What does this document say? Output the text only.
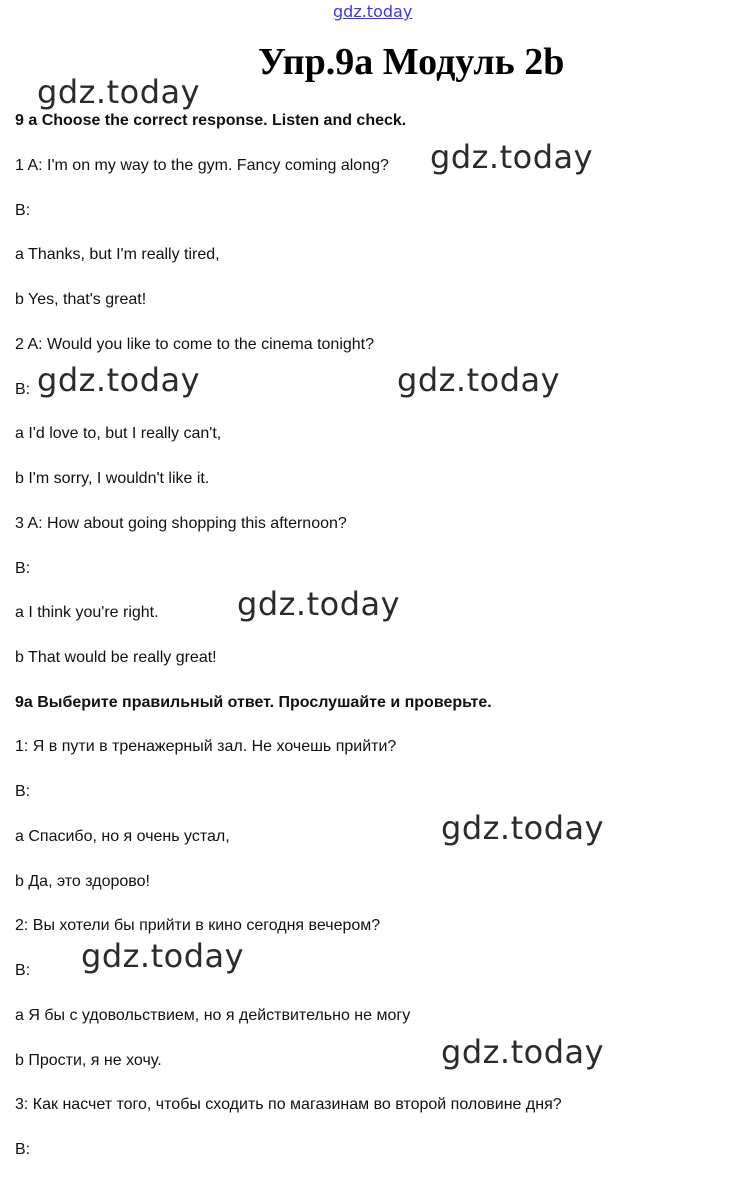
gdz.today
Упр.9a Модуль 2b
gdz.today
gdz.today
gdz.today	gdz.today
gdz.today
gdz.today
gdz.today
gdz.today
9 a Choose the correct response. Listen and check.
1 A: I'm on my way to the gym. Fancy coming along?
B:
a Thanks, but I'm really tired,
b Yes, that's great!
2 A: Would you like to come to the cinema tonight?
B:
a I'd love to, but I really can't,
b I'm sorry, I wouldn't like it.
3 A: How about going shopping this afternoon?
B:
a I think you're right.
b That would be really great!
9a Выберите правильный ответ. Прослушайте и проверьте.
1: Я в пути в тренажерный зал. Не хочешь прийти?
B:
a Спасибо, но я очень устал,
b Да, это здорово!
2: Вы хотели бы прийти в кино сегодня вечером?
B:
a Я бы с удовольствием, но я действительно не могу
b Прости, я не хочу.
3: Как насчет того, чтобы сходить по магазинам во второй половине дня?
B:
